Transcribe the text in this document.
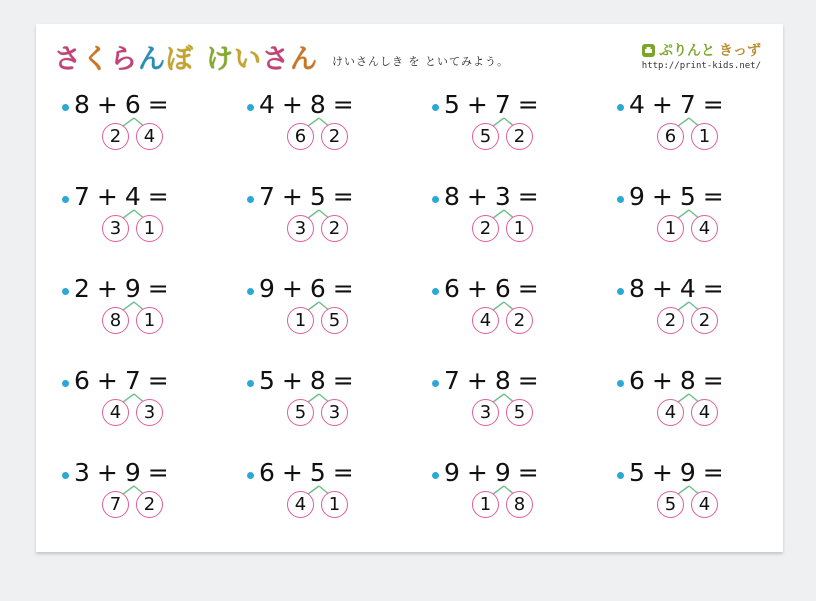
さ く ら ん ぼ け い さ ん けいさんしき を といてみよう。
ぷりんと きっず
http://print-kids.net/
8 + 6 =
2	4
4 + 8 =
6	2
5 + 7 =
5	2
4 + 7 =
6	1
7 + 4 =
3	1
7 + 5 =
3	2
8 + 3 =
2	1
9 + 5 =
1	4
2 + 9 =
8	1
9 + 6 =
1	5
6 + 6 =
4	2
8 + 4 =
2	2
6 + 7 =
4	3
5 + 8 =
5	3
7 + 8 =
3	5
6 + 8 =
4	4
3 + 9 =
7	2
6 + 5 =
4	1
9 + 9 =
1	8
5 + 9 =
5	4
